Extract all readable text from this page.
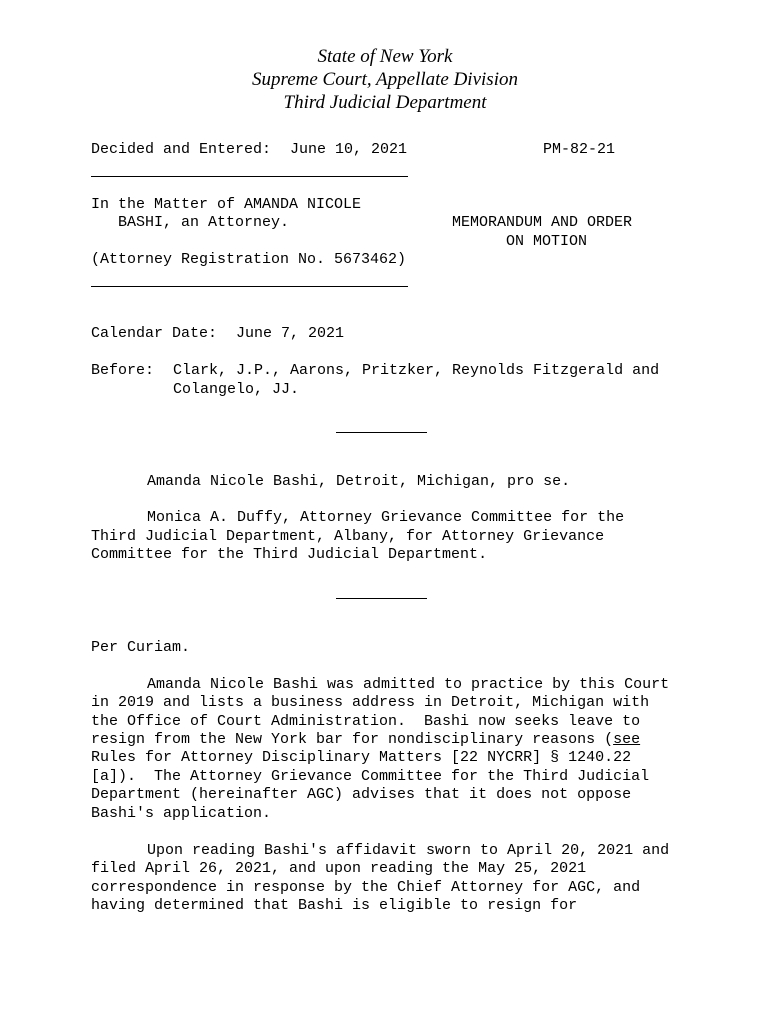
State of New York
Supreme Court, Appellate Division
Third Judicial Department
Decided and Entered: June 10, 2021	PM-82-21
In the Matter of AMANDA NICOLE
BASHI, an Attorney.	MEMORANDUM AND ORDER
ON MOTION
(Attorney Registration No. 5673462)
Calendar Date: June 7, 2021
Before: Clark, J.P., Aarons, Pritzker, Reynolds Fitzgerald and
Colangelo, JJ.
Amanda Nicole Bashi, Detroit, Michigan, pro se.
Monica A. Duffy, Attorney Grievance Committee for the
Third Judicial Department, Albany, for Attorney Grievance
Committee for the Third Judicial Department.
Per Curiam.
Amanda Nicole Bashi was admitted to practice by this Court
in 2019 and lists a business address in Detroit, Michigan with
the Office of Court Administration.  Bashi now seeks leave to
resign from the New York bar for nondisciplinary reasons (see
Rules for Attorney Disciplinary Matters [22 NYCRR] § 1240.22
[a]).  The Attorney Grievance Committee for the Third Judicial
Department (hereinafter AGC) advises that it does not oppose
Bashi's application.
Upon reading Bashi's affidavit sworn to April 20, 2021 and
filed April 26, 2021, and upon reading the May 25, 2021
correspondence in response by the Chief Attorney for AGC, and
having determined that Bashi is eligible to resign for
